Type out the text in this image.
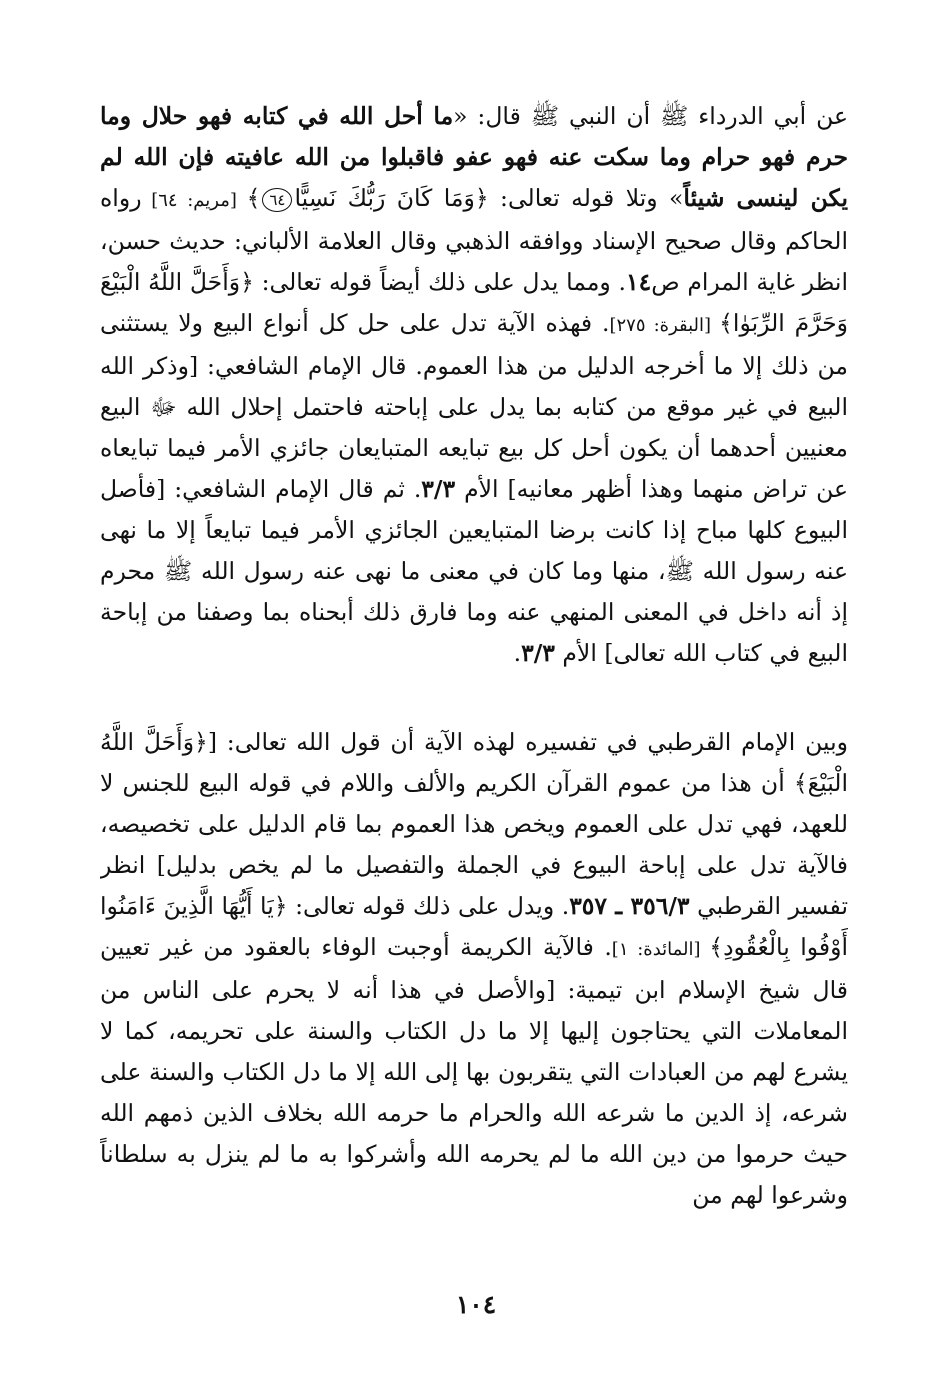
عن أبي الدرداء ﷺ أن النبي ﷺ قال: «ما أحل الله في كتابه فهو حلال وما حرم فهو حرام وما سكت عنه فهو عفو فاقبلوا من الله عافيته فإن الله لم يكن لينسى شيئاً» وتلا قوله تعالى: ﴿وَمَا كَانَ رَبُّكَ نَسِيًّا٦٤﴾ [مريم: ٦٤] رواه الحاكم وقال صحيح الإسناد ووافقه الذهبي وقال العلامة الألباني: حديث حسن، انظر غاية المرام ص١٤. ومما يدل على ذلك أيضاً قوله تعالى: ﴿وَأَحَلَّ اللَّهُ الْبَيْعَ وَحَرَّمَ الرِّبَوٰا﴾ [البقرة: ٢٧٥]. فهذه الآية تدل على حل كل أنواع البيع ولا يستثنى من ذلك إلا ما أخرجه الدليل من هذا العموم. قال الإمام الشافعي: [وذكر الله البيع في غير موقع من كتابه بما يدل على إباحته فاحتمل إحلال الله ﷻ البيع معنيين أحدهما أن يكون أحل كل بيع تبايعه المتبايعان جائزي الأمر فيما تبايعاه عن تراض منهما وهذا أظهر معانيه] الأم ٣/٣. ثم قال الإمام الشافعي: [فأصل البيوع كلها مباح إذا كانت برضا المتبايعين الجائزي الأمر فيما تبايعاً إلا ما نهى عنه رسول الله ﷺ، منها وما كان في معنى ما نهى عنه رسول الله ﷺ محرم إذ أنه داخل في المعنى المنهي عنه وما فارق ذلك أبحناه بما وصفنا من إباحة البيع في كتاب الله تعالى] الأم ٣/٣.

وبين الإمام القرطبي في تفسيره لهذه الآية أن قول الله تعالى: [﴿وَأَحَلَّ اللَّهُ الْبَيْعَ﴾ أن هذا من عموم القرآن الكريم والألف واللام في قوله البيع للجنس لا للعهد، فهي تدل على العموم ويخص هذا العموم بما قام الدليل على تخصيصه، فالآية تدل على إباحة البيوع في الجملة والتفصيل ما لم يخص بدليل] انظر تفسير القرطبي ٣٥٦/٣ ـ ٣٥٧. ويدل على ذلك قوله تعالى: ﴿يَا أَيُّهَا الَّذِينَ ءَامَنُوا أَوْفُوا بِالْعُقُودِ﴾ [المائدة: ١]. فالآية الكريمة أوجبت الوفاء بالعقود من غير تعيين قال شيخ الإسلام ابن تيمية: [والأصل في هذا أنه لا يحرم على الناس من المعاملات التي يحتاجون إليها إلا ما دل الكتاب والسنة على تحريمه، كما لا يشرع لهم من العبادات التي يتقربون بها إلى الله إلا ما دل الكتاب والسنة على شرعه، إذ الدين ما شرعه الله والحرام ما حرمه الله بخلاف الذين ذمهم الله حيث حرموا من دين الله ما لم يحرمه الله وأشركوا به ما لم ينزل به سلطاناً وشرعوا لهم من

١٠٤
